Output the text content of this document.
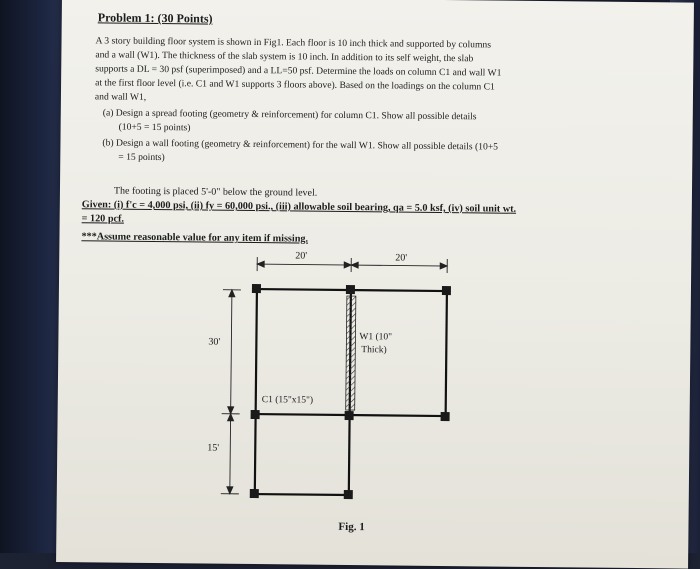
Problem 1: (30 Points)
A 3 story building floor system is shown in Fig1. Each floor is 10 inch thick and supported by columns
and a wall (W1). The thickness of the slab system is 10 inch. In addition to its self weight, the slab
supports a DL = 30 psf (superimposed) and a LL=50 psf. Determine the loads on column C1 and wall W1
at the first floor level (i.e. C1 and W1 supports 3 floors above). Based on the loadings on the column C1
and wall W1,
(a) Design a spread footing (geometry & reinforcement) for column C1. Show all possible details
(10+5 = 15 points)
(b) Design a wall footing (geometry & reinforcement) for the wall W1. Show all possible details (10+5
= 15 points)
The footing is placed 5'-0" below the ground level.
Given: (i) f'c = 4,000 psi, (ii) fy = 60,000 psi., (iii) allowable soil bearing, qa = 5.0 ksf, (iv) soil unit wt.
= 120 pcf.
***Assume reasonable value for any item if missing.
20'	20'
30'
15'
W1 (10"
Thick)
C1 (15"x15")
Fig. 1
